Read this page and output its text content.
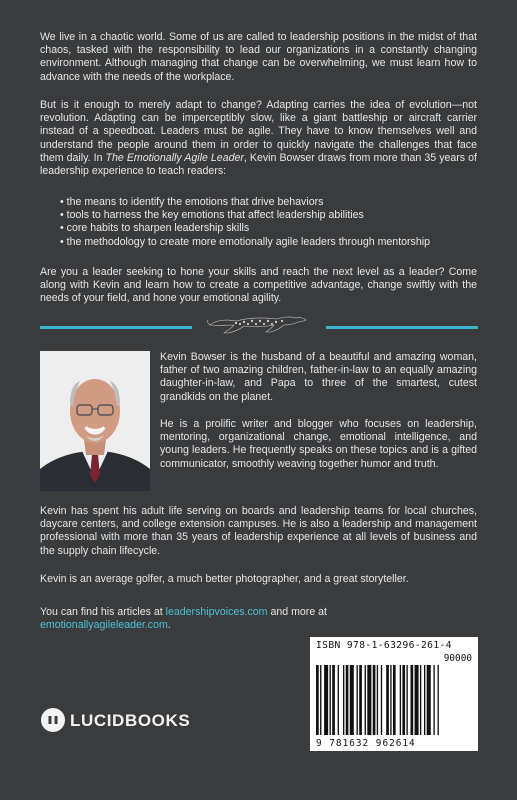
We live in a chaotic world. Some of us are called to leadership positions in the midst of that chaos, tasked with the responsibility to lead our organizations in a constantly changing environment. Although managing that change can be overwhelming, we must learn how to advance with the needs of the workplace.

But is it enough to merely adapt to change? Adapting carries the idea of evolution—not revolution. Adapting can be imperceptibly slow, like a giant battleship or aircraft carrier instead of a speedboat. Leaders must be agile. They have to know themselves well and understand the people around them in order to quickly navigate the challenges that face them daily. In The Emotionally Agile Leader, Kevin Bowser draws from more than 35 years of leadership experience to teach readers:

• the means to identify the emotions that drive behaviors
• tools to harness the key emotions that affect leadership abilities
• core habits to sharpen leadership skills
• the methodology to create more emotionally agile leaders through mentorship

Are you a leader seeking to hone your skills and reach the next level as a leader? Come along with Kevin and learn how to create a competitive advantage, change swiftly with the needs of your field, and hone your emotional agility.

Kevin Bowser is the husband of a beautiful and amazing woman, father of two amazing children, father-in-law to an equally amazing daughter-in-law, and Papa to three of the smartest, cutest grandkids on the planet.

He is a prolific writer and blogger who focuses on leadership, mentoring, organizational change, emotional intelligence, and young leaders. He frequently speaks on these topics and is a gifted communicator, smoothly weaving together humor and truth.

Kevin has spent his adult life serving on boards and leadership teams for local churches, daycare centers, and college extension campuses. He is also a leadership and management professional with more than 35 years of leadership experience at all levels of business and the supply chain lifecycle.

Kevin is an average golfer, a much better photographer, and a great storyteller.

You can find his articles at leadershipvoices.com and more at
emotionallyagileleader.com.

ISBN 978-1-63296-261-4
90000
9 781632 962614
LUCIDBOOKS
